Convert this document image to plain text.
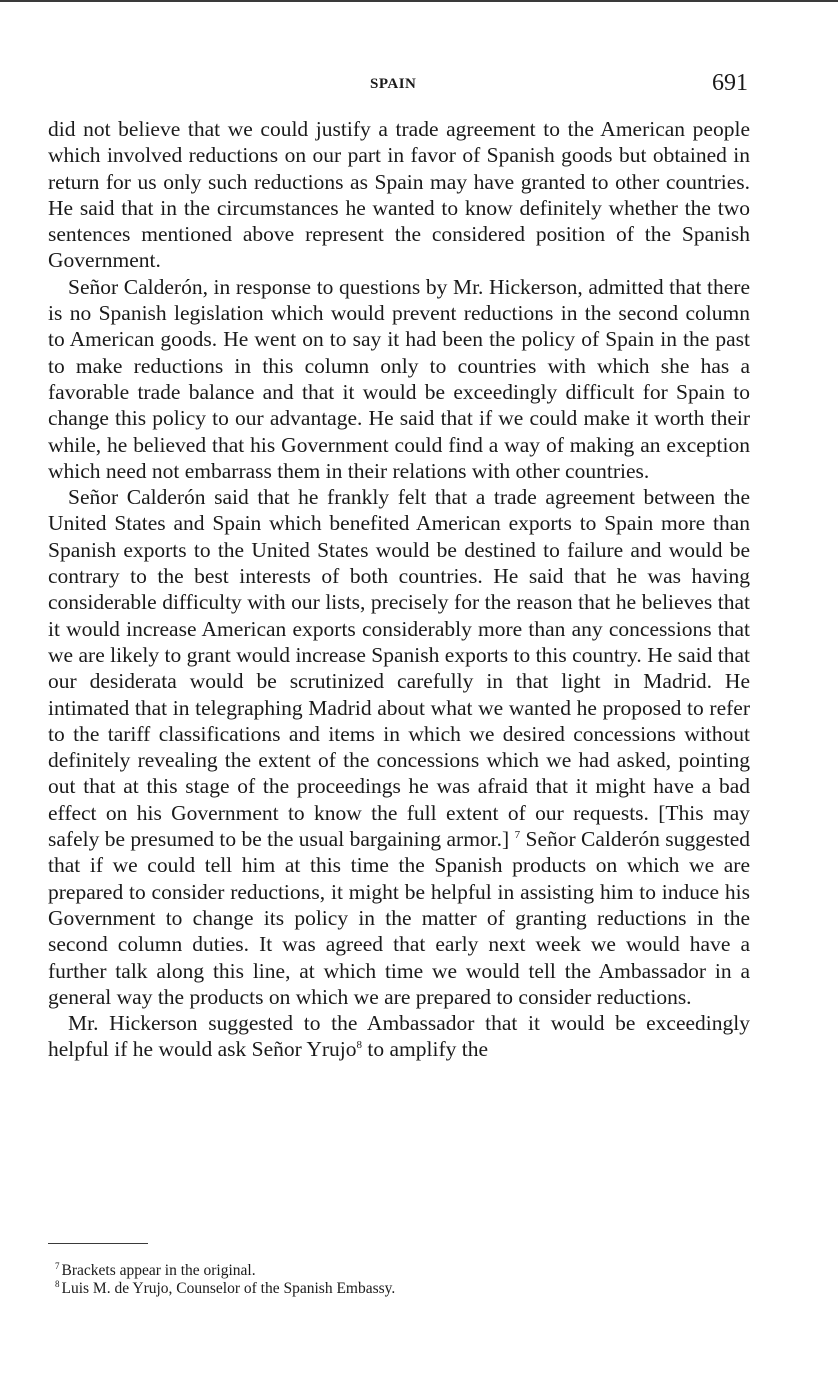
SPAIN	691

did not believe that we could justify a trade agreement to the American people which involved reductions on our part in favor of Spanish goods but obtained in return for us only such reductions as Spain may have granted to other countries. He said that in the circumstances he wanted to know definitely whether the two sentences mentioned above represent the considered position of the Spanish Government.

Señor Calderón, in response to questions by Mr. Hickerson, admitted that there is no Spanish legislation which would prevent reductions in the second column to American goods. He went on to say it had been the policy of Spain in the past to make reductions in this column only to countries with which she has a favorable trade balance and that it would be exceedingly difficult for Spain to change this policy to our advantage. He said that if we could make it worth their while, he believed that his Government could find a way of making an exception which need not embarrass them in their relations with other countries.

Señor Calderón said that he frankly felt that a trade agreement between the United States and Spain which benefited American exports to Spain more than Spanish exports to the United States would be destined to failure and would be contrary to the best interests of both countries. He said that he was having considerable difficulty with our lists, precisely for the reason that he believes that it would increase American exports considerably more than any concessions that we are likely to grant would increase Spanish exports to this country. He said that our desiderata would be scrutinized carefully in that light in Madrid. He intimated that in telegraphing Madrid about what we wanted he proposed to refer to the tariff classifications and items in which we desired concessions without definitely revealing the extent of the concessions which we had asked, pointing out that at this stage of the proceedings he was afraid that it might have a bad effect on his Government to know the full extent of our requests. [This may safely be presumed to be the usual bargaining armor.] $^7$ Señor Calderón suggested that if we could tell him at this time the Spanish products on which we are prepared to consider reductions, it might be helpful in assisting him to induce his Government to change its policy in the matter of granting reductions in the second column duties. It was agreed that early next week we would have a further talk along this line, at which time we would tell the Ambassador in a general way the products on which we are prepared to consider reductions.

Mr. Hickerson suggested to the Ambassador that it would be exceedingly helpful if he would ask Señor Yrujo$^8$ to amplify the

$^7$ Brackets appear in the original.

$^8$ Luis M. de Yrujo, Counselor of the Spanish Embassy.
